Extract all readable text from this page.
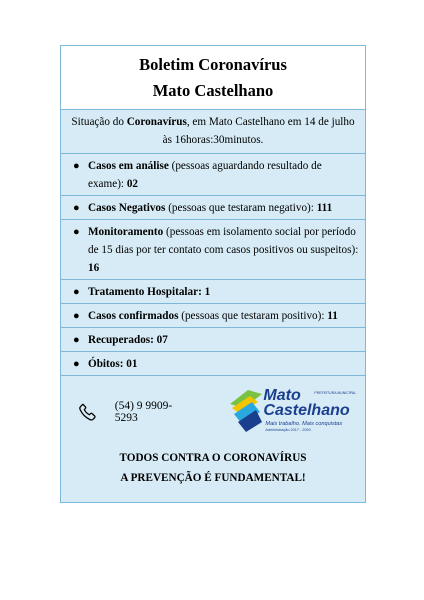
Boletim Coronavírus
Mato Castelhano
Situação do Coronavírus, em Mato Castelhano em 14 de julho às 16horas:30minutos.
● Casos em análise (pessoas aguardando resultado de exame): 02
● Casos Negativos (pessoas que testaram negativo): 111
● Monitoramento (pessoas em isolamento social por período de 15 dias por ter contato com casos positivos ou suspeitos): 16
● Tratamento Hospitalar: 1
● Casos confirmados (pessoas que testaram positivo): 11
● Recuperados: 07
● Óbitos: 01
(54) 9 9909-5293
PREFEITURA MUNICIPAL
Mato
Castelhano
Mais trabalho. Mais conquistas
Administração 2017 - 2020
TODOS CONTRA O CORONAVÍRUS
A PREVENÇÃO É FUNDAMENTAL!
